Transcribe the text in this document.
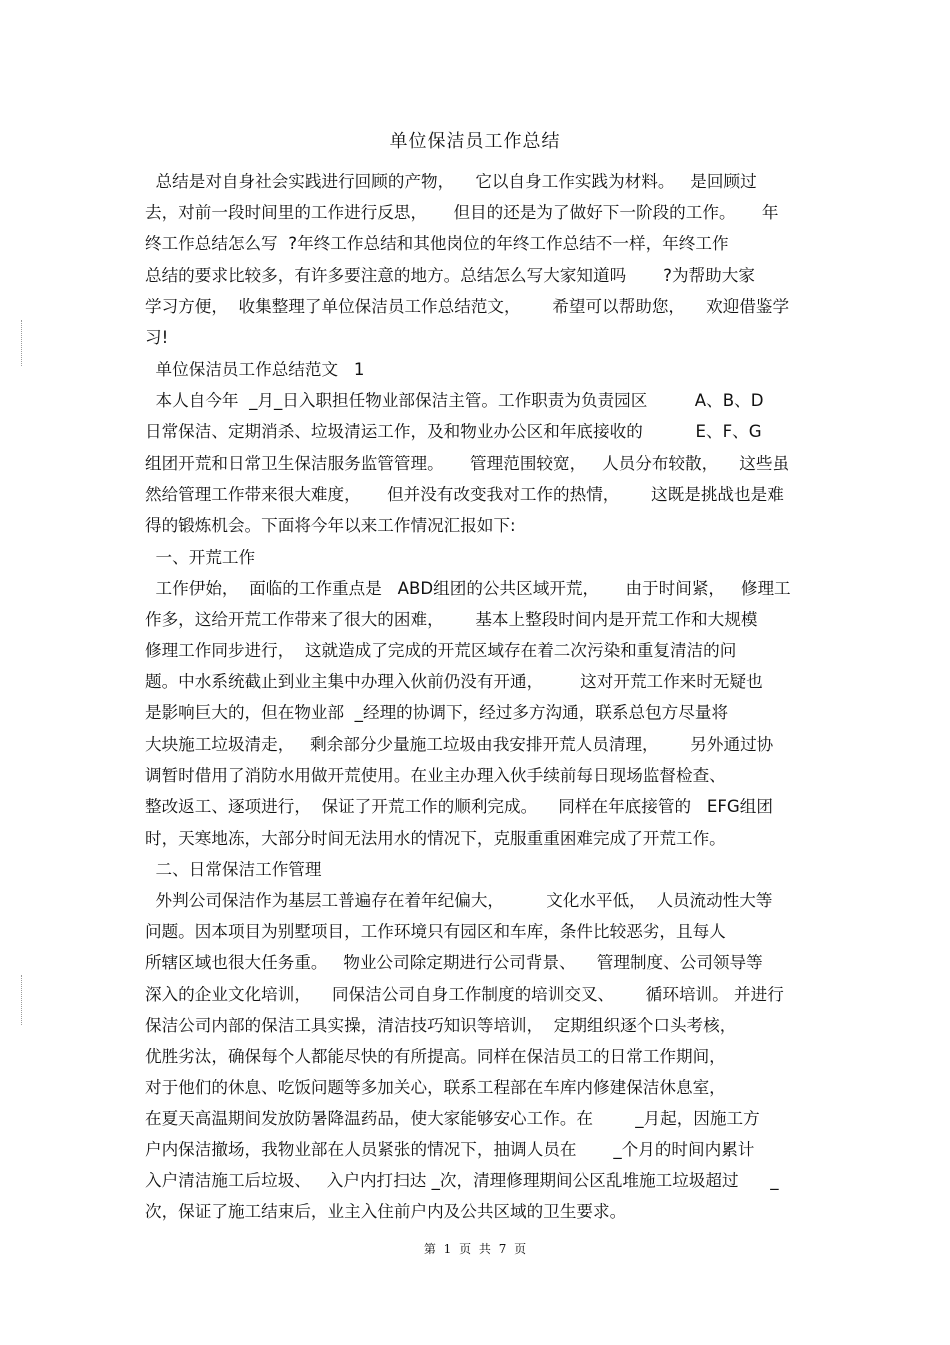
单位保洁员工作总结
总结是对自身社会实践进行回顾的产物，    它以自身工作实践为材料。   是回顾过
去，对前一段时间里的工作进行反思，     但目的还是为了做好下一阶段的工作。     年
终工作总结怎么写  ?年终工作总结和其他岗位的年终工作总结不一样，年终工作
总结的要求比较多，有许多要注意的地方。总结怎么写大家知道吗       ?为帮助大家
学习方便，  收集整理了单位保洁员工作总结范文，      希望可以帮助您，    欢迎借鉴学
习!
单位保洁员工作总结范文   1
本人自今年  _月_日入职担任物业部保洁主管。工作职责为负责园区         A、B、D
日常保洁、定期消杀、垃圾清运工作，及和物业办公区和年底接收的          E、F、G
组团开荒和日常卫生保洁服务监管管理。     管理范围较宽，   人员分布较散，    这些虽
然给管理工作带来很大难度，     但并没有改变我对工作的热情，      这既是挑战也是难
得的锻炼机会。下面将今年以来工作情况汇报如下:
一、开荒工作
工作伊始，  面临的工作重点是   ABD组团的公共区域开荒，     由于时间紧，   修理工
作多，这给开荒工作带来了很大的困难，      基本上整段时间内是开荒工作和大规模
修理工作同步进行，  这就造成了完成的开荒区域存在着二次污染和重复清洁的问
题。中水系统截止到业主集中办理入伙前仍没有开通，       这对开荒工作来时无疑也
是影响巨大的，但在物业部  _经理的协调下，经过多方沟通，联系总包方尽量将
大块施工垃圾清走，   剩余部分少量施工垃圾由我安排开荒人员清理，      另外通过协
调暂时借用了消防水用做开荒使用。在业主办理入伙手续前每日现场监督检查、
整改返工、逐项进行，  保证了开荒工作的顺利完成。    同样在年底接管的   EFG组团
时，天寒地冻，大部分时间无法用水的情况下，克服重重困难完成了开荒工作。
二、日常保洁工作管理
外判公司保洁作为基层工普遍存在着年纪偏大，        文化水平低，  人员流动性大等
问题。因本项目为别墅项目，工作环境只有园区和车库，条件比较恶劣，且每人
所辖区域也很大任务重。   物业公司除定期进行公司背景、    管理制度、公司领导等
深入的企业文化培训，    同保洁公司自身工作制度的培训交叉、      循环培训。 并进行
保洁公司内部的保洁工具实操，清洁技巧知识等培训，  定期组织逐个口头考核，
优胜劣汰，确保每个人都能尽快的有所提高。同样在保洁员工的日常工作期间，
对于他们的休息、吃饭问题等多加关心，联系工程部在车库内修建保洁休息室，
在夏天高温期间发放防暑降温药品，使大家能够安心工作。在        _月起，因施工方
户内保洁撤场，我物业部在人员紧张的情况下，抽调人员在       _个月的时间内累计
入户清洁施工后垃圾、   入户内打扫达 _次，清理修理期间公区乱堆施工垃圾超过      _
次，保证了施工结束后，业主入住前户内及公共区域的卫生要求。
第 1 页 共 7 页
